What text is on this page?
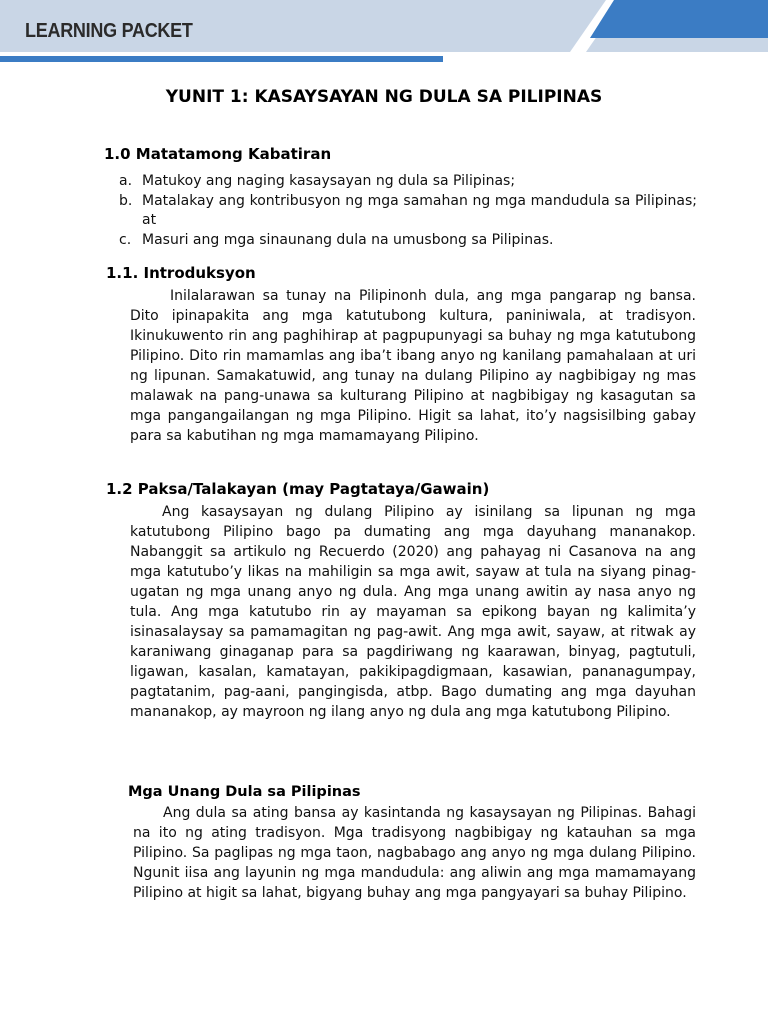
LEARNING PACKET
YUNIT 1: KASAYSAYAN NG DULA SA PILIPINAS
1.0 Matatamong Kabatiran
a. Matukoy ang naging kasaysayan ng dula sa Pilipinas;
b. Matalakay ang kontribusyon ng mga samahan ng mga mandudula sa Pilipinas; at
c. Masuri ang mga sinaunang dula na umusbong sa Pilipinas.
1.1. Introduksyon

Inilalarawan sa tunay na Pilipinonh dula, ang mga pangarap ng bansa. Dito ipinapakita ang mga katutubong kultura, paniniwala, at tradisyon. Ikinukuwento rin ang paghihirap at pagpupunyagi sa buhay ng mga katutubong Pilipino. Dito rin mamamlas ang iba’t ibang anyo ng kanilang pamahalaan at uri ng lipunan. Samakatuwid, ang tunay na dulang Pilipino ay nagbibigay ng mas malawak na pang-unawa sa kulturang Pilipino at nagbibigay ng kasagutan sa mga pangangailangan ng mga Pilipino. Higit sa lahat, ito’y nagsisilbing gabay para sa kabutihan ng mga mamamayang Pilipino.

1.2 Paksa/Talakayan (may Pagtataya/Gawain)

Ang kasaysayan ng dulang Pilipino ay isinilang sa lipunan ng mga katutubong Pilipino bago pa dumating ang mga dayuhang mananakop. Nabanggit sa artikulo ng Recuerdo (2020) ang pahayag ni Casanova na ang mga katutubo’y likas na mahiligin sa mga awit, sayaw at tula na siyang pinag-ugatan ng mga unang anyo ng dula. Ang mga unang awitin ay nasa anyo ng tula. Ang mga katutubo rin ay mayaman sa epikong bayan ng kalimita’y isinasalaysay sa pamamagitan ng pag-awit. Ang mga awit, sayaw, at ritwak ay karaniwang ginaganap para sa pagdiriwang ng kaarawan, binyag, pagtutuli, ligawan, kasalan, kamatayan, pakikipagdigmaan, kasawian, pananagumpay, pagtatanim, pag-aani, pangingisda, atbp. Bago dumating ang mga dayuhan mananakop, ay mayroon ng ilang anyo ng dula ang mga katutubong Pilipino.

Mga Unang Dula sa Pilipinas

Ang dula sa ating bansa ay kasintanda ng kasaysayan ng Pilipinas. Bahagi na ito ng ating tradisyon. Mga tradisyong nagbibigay ng katauhan sa mga Pilipino. Sa paglipas ng mga taon, nagbabago ang anyo ng mga dulang Pilipino. Ngunit iisa ang layunin ng mga mandudula: ang aliwin ang mga mamamayang Pilipino at higit sa lahat, bigyang buhay ang mga pangyayari sa buhay Pilipino.
